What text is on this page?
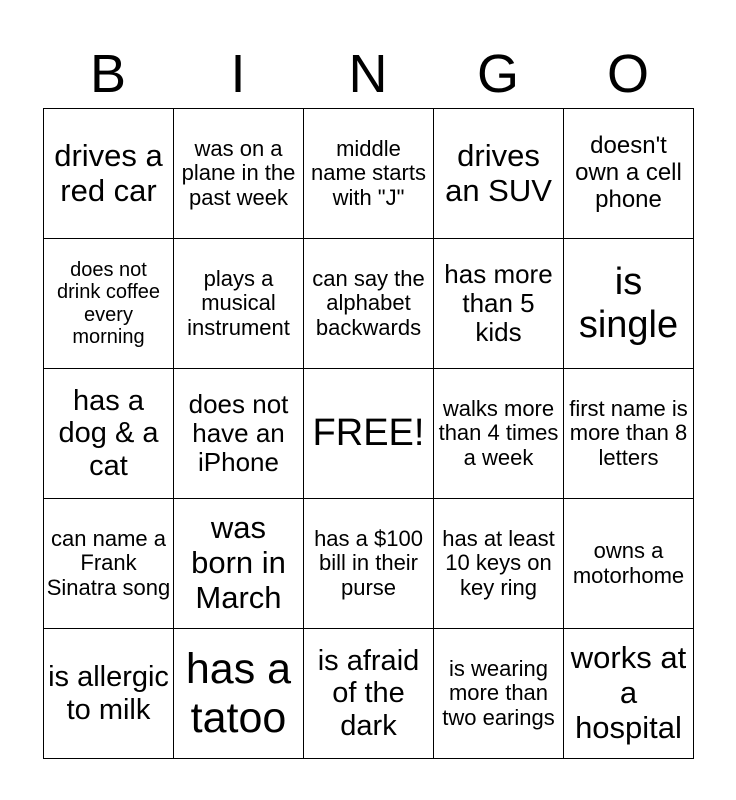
B	I	N	G	O
drives a red car	was on a plane in the past week	middle name starts with "J"	drives an SUV	doesn't own a cell phone
does not drink coffee every morning	plays a musical instrument	can say the alphabet backwards	has more than 5 kids	is single
has a dog & a cat	does not have an iPhone	FREE!	walks more than 4 times a week	first name is more than 8 letters
can name a Frank Sinatra song	was born in March	has a $100 bill in their purse	has at least 10 keys on key ring	owns a motorhome
is allergic to milk	has a tatoo	is afraid of the dark	is wearing more than two earings	works at a hospital
